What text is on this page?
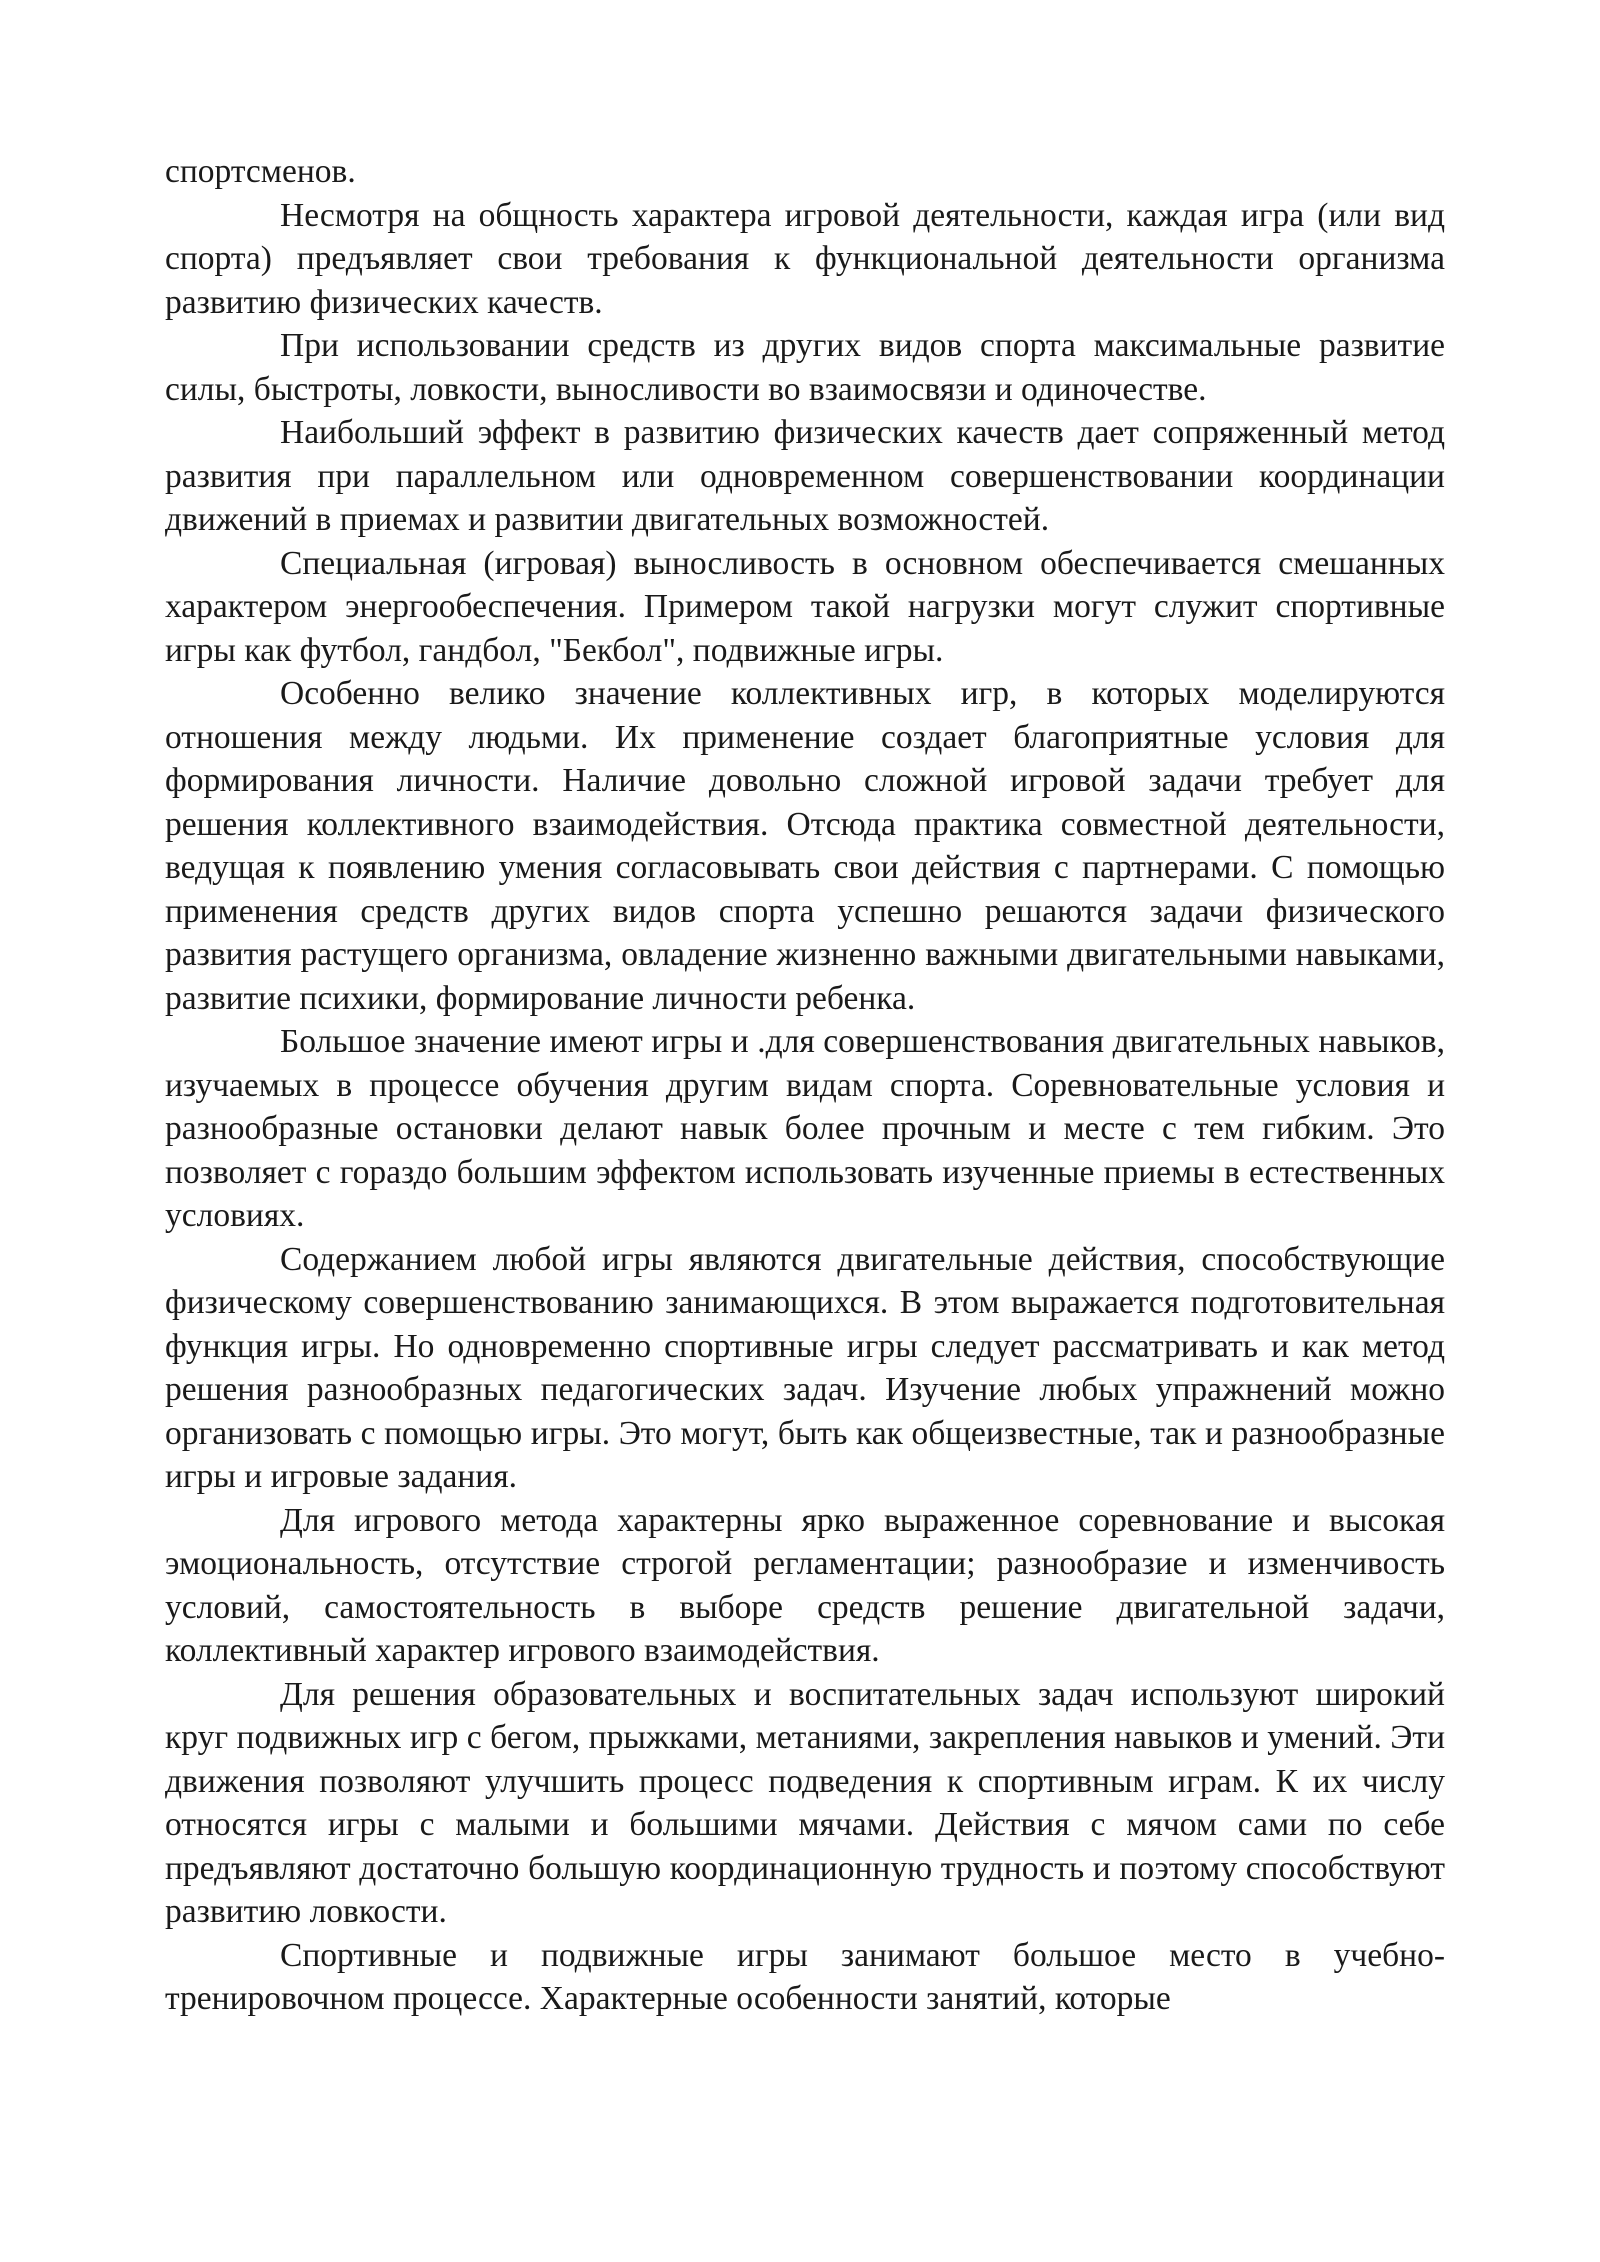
спортсменов.

Несмотря на общность характера игровой деятельности, каждая игра (или вид спорта) предъявляет свои требования к функциональной деятельности организма развитию физических качеств.

При использовании средств из других видов спорта максимальные развитие силы, быстроты, ловкости, выносливости во взаимосвязи и одиночестве.

Наибольший эффект в развитию физических качеств дает сопряженный метод развития при параллельном или одновременном совершенствовании координации движений в приемах и развитии двигательных возможностей.

Специальная (игровая) выносливость в основном обеспечивается смешанных характером энергообеспечения. Примером такой нагрузки могут служит спортивные игры как футбол, гандбол, "Бекбол", подвижные игры.

Особенно велико значение коллективных игр, в которых моделируются отношения между людьми. Их применение создает благоприятные условия для формирования личности. Наличие довольно сложной игровой задачи требует для решения коллективного взаимодействия. Отсюда практика совместной деятельности, ведущая к появлению умения согласовывать свои действия с партнерами. С помощью применения средств других видов спорта успешно решаются задачи физического развития растущего организма, овладение жизненно важными двигательными навыками, развитие психики, формирование личности ребенка.

Большое значение имеют игры и .для совершенствования двигательных навыков, изучаемых в процессе обучения другим видам спорта. Соревновательные условия и разнообразные остановки делают навык более прочным и месте с тем гибким. Это позволяет с гораздо большим эффектом использовать изученные приемы в естественных условиях.

Содержанием любой игры являются двигательные действия, способствующие физическому совершенствованию занимающихся. В этом выражается подготовительная функция игры. Но одновременно спортивные игры следует рассматривать и как метод решения разнообразных педагогических задач. Изучение любых упражнений можно организовать с помощью игры. Это могут, быть как общеизвестные, так и разнообразные игры и игровые задания.

Для игрового метода характерны ярко выраженное соревнование и высокая эмоциональность, отсутствие строгой регламентации; разнообразие и изменчивость условий, самостоятельность в выборе средств решение двигательной задачи, коллективный характер игрового взаимодействия.

Для решения образовательных и воспитательных задач используют широкий круг подвижных игр с бегом, прыжками, метаниями, закрепления навыков и умений. Эти движения позволяют улучшить процесс подведения к спортивным играм. К их числу относятся игры с малыми и большими мячами. Действия с мячом сами по себе предъявляют достаточно большую координационную трудность и поэтому способствуют развитию ловкости.

Спортивные и подвижные игры занимают большое место в учебно-тренировочном процессе. Характерные особенности занятий, которые
